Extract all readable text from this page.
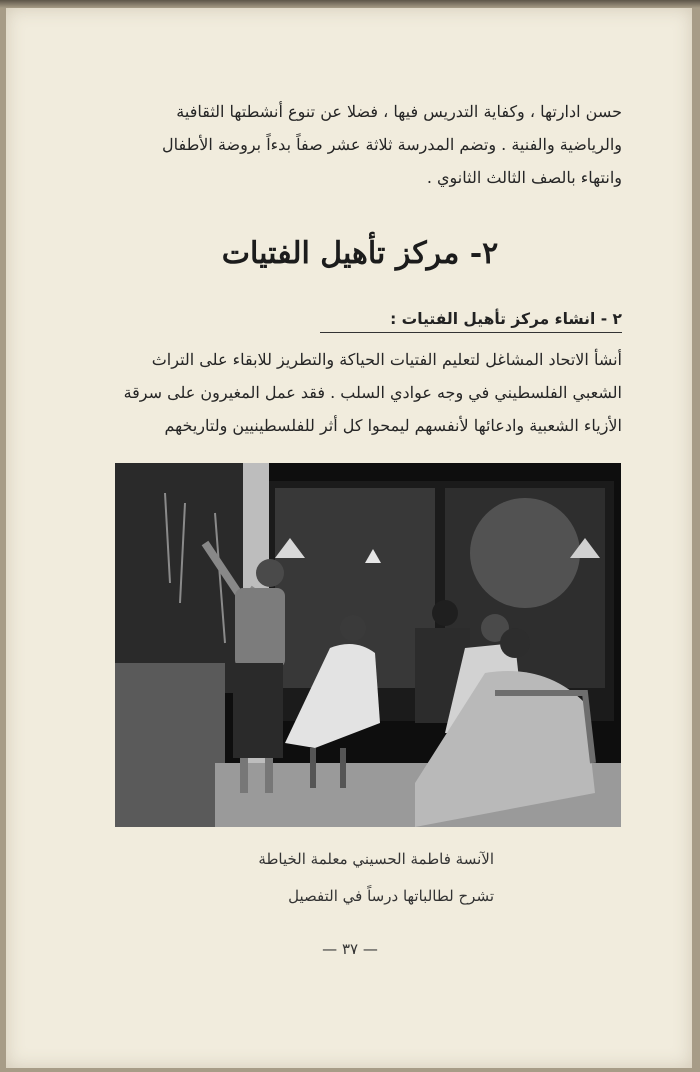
حسن ادارتها ، وكفاية التدريس فيها ، فضلا عن تنوع أنشطتها الثقافية

والرياضية والفنية . وتضم المدرسة ثلاثة عشر صفاً بدءاً بروضة الأطفال

وانتهاء بالصف الثالث الثانوي .

٢- مركز تأهيل الفتيات
٢ - انشاء مركز تأهيل الفتيات :

أنشأ الاتحاد المشاغل لتعليم الفتيات الحياكة والتطريز للابقاء على التراث

الشعبي الفلسطيني في وجه عوادي السلب . فقد عمل المغيرون على سرقة

الأزياء الشعبية وادعائها لأنفسهم ليمحوا كل أثر للفلسطينيين ولتاريخهم

الآنسة فاطمة الحسيني معلمة الخياطة
تشرح لطالباتها درساً في التفصيل
— ٣٧ —
